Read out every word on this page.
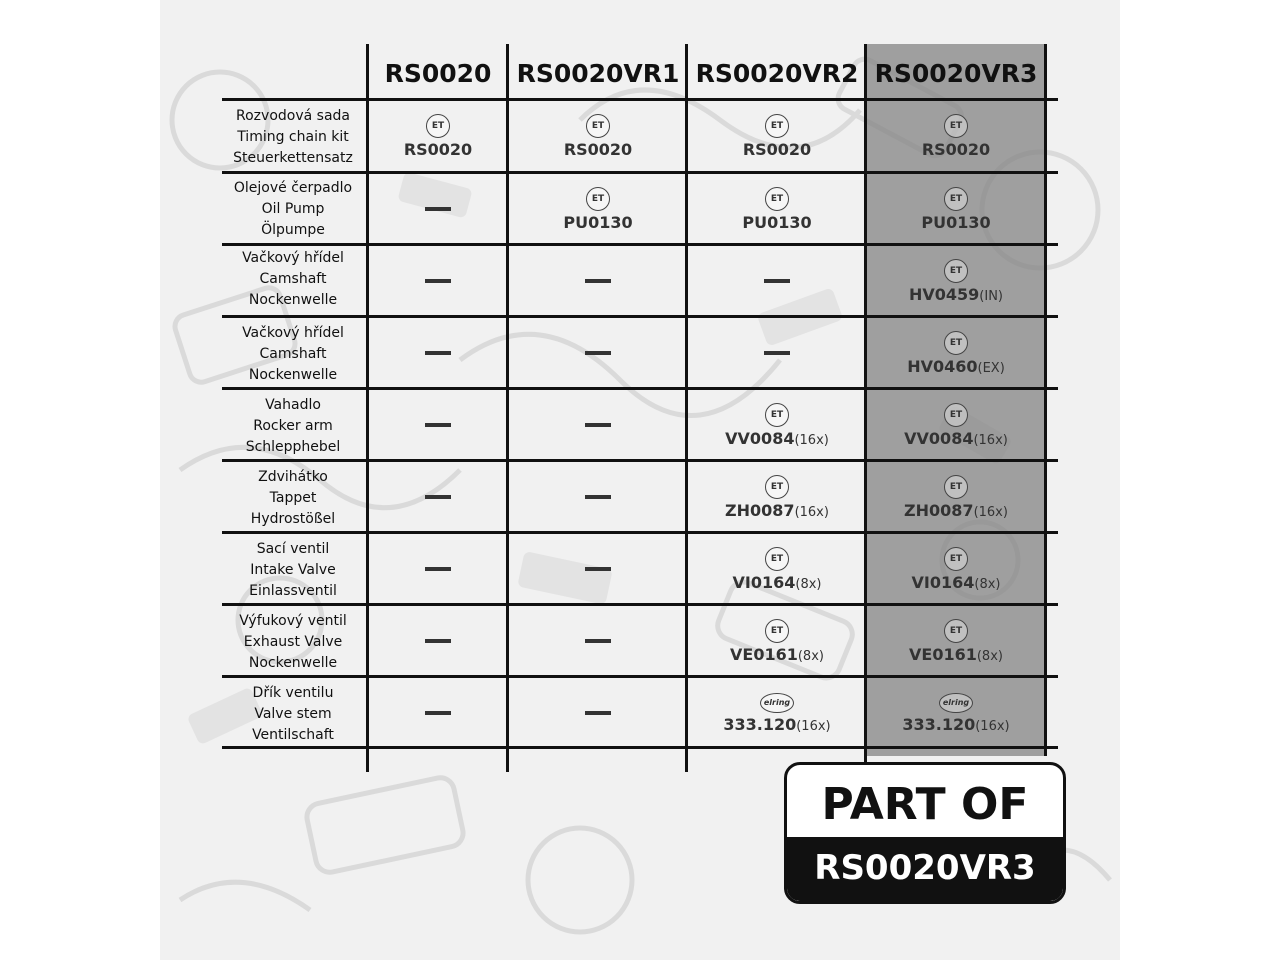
RS0020	RS0020VR1 RS0020VR2 RS0020VR3
Rozvodová sada
Timing chain kit
Steuerkettensatz
Olejové čerpadlo
Oil Pump
Ölpumpe
Vačkový hřídel
Camshaft
Nockenwelle
Vačkový hřídel
Camshaft
Nockenwelle
Vahadlo
Rocker arm
Schlepphebel
Zdvihátko
Tappet
Hydrostößel
Sací ventil
Intake Valve
Einlassventil
Výfukový ventil
Exhaust Valve
Nockenwelle
Dřík ventilu
Valve stem
Ventilschaft
ET
RS0020
ET
RS0020
ET
RS0020
ET
RS0020
ET
PU0130
ET
PU0130
ET
PU0130
ET
HV0459(IN)
ET
HV0460(EX)
ET
VV0084(16x)
ET
VV0084(16x)
ET
ZH0087(16x)
ET
ZH0087(16x)
ET
VI0164(8x)
ET
VI0164(8x)
ET
VE0161(8x)
ET
VE0161(8x)
elring
333.120(16x)
elring
333.120(16x)
PART OF
RS0020VR3
